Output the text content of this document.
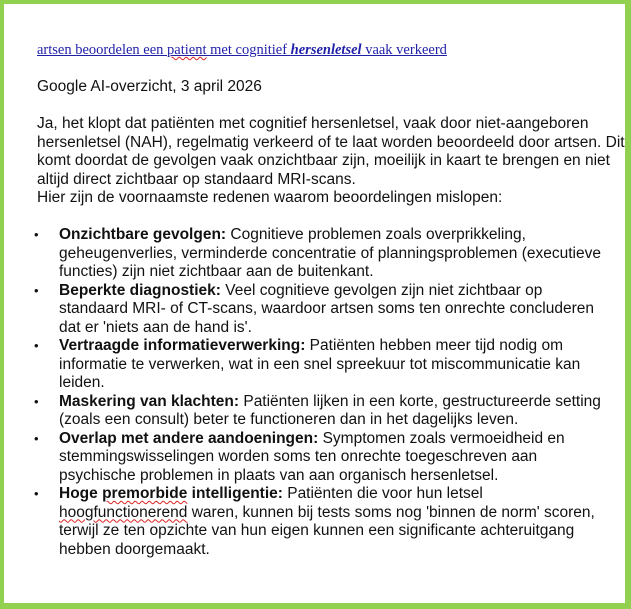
artsen beoordelen een patient met cognitief hersenletsel vaak verkeerd
Google AI-overzicht, 3 april 2026

Ja, het klopt dat patiënten met cognitief hersenletsel, vaak door niet-aangeboren hersenletsel (NAH), regelmatig verkeerd of te laat worden beoordeeld door artsen. Dit komt doordat de gevolgen vaak onzichtbaar zijn, moeilijk in kaart te brengen en niet altijd direct zichtbaar op standaard MRI-scans.

Hier zijn de voornaamste redenen waarom beoordelingen mislopen:

• Onzichtbare gevolgen: Cognitieve problemen zoals overprikkeling, geheugenverlies, verminderde concentratie of planningsproblemen (executieve functies) zijn niet zichtbaar aan de buitenkant.
• Beperkte diagnostiek: Veel cognitieve gevolgen zijn niet zichtbaar op standaard MRI- of CT-scans, waardoor artsen soms ten onrechte concluderen dat er 'niets aan de hand is'.
• Vertraagde informatieverwerking: Patiënten hebben meer tijd nodig om informatie te verwerken, wat in een snel spreekuur tot miscommunicatie kan leiden.
• Maskering van klachten: Patiënten lijken in een korte, gestructureerde setting (zoals een consult) beter te functioneren dan in het dagelijks leven.
• Overlap met andere aandoeningen: Symptomen zoals vermoeidheid en stemmingswisselingen worden soms ten onrechte toegeschreven aan psychische problemen in plaats van aan organisch hersenletsel.
• Hoge premorbide intelligentie: Patiënten die voor hun letsel hoogfunctionerend waren, kunnen bij tests soms nog 'binnen de norm' scoren, terwijl ze ten opzichte van hun eigen kunnen een significante achteruitgang hebben doorgemaakt.
